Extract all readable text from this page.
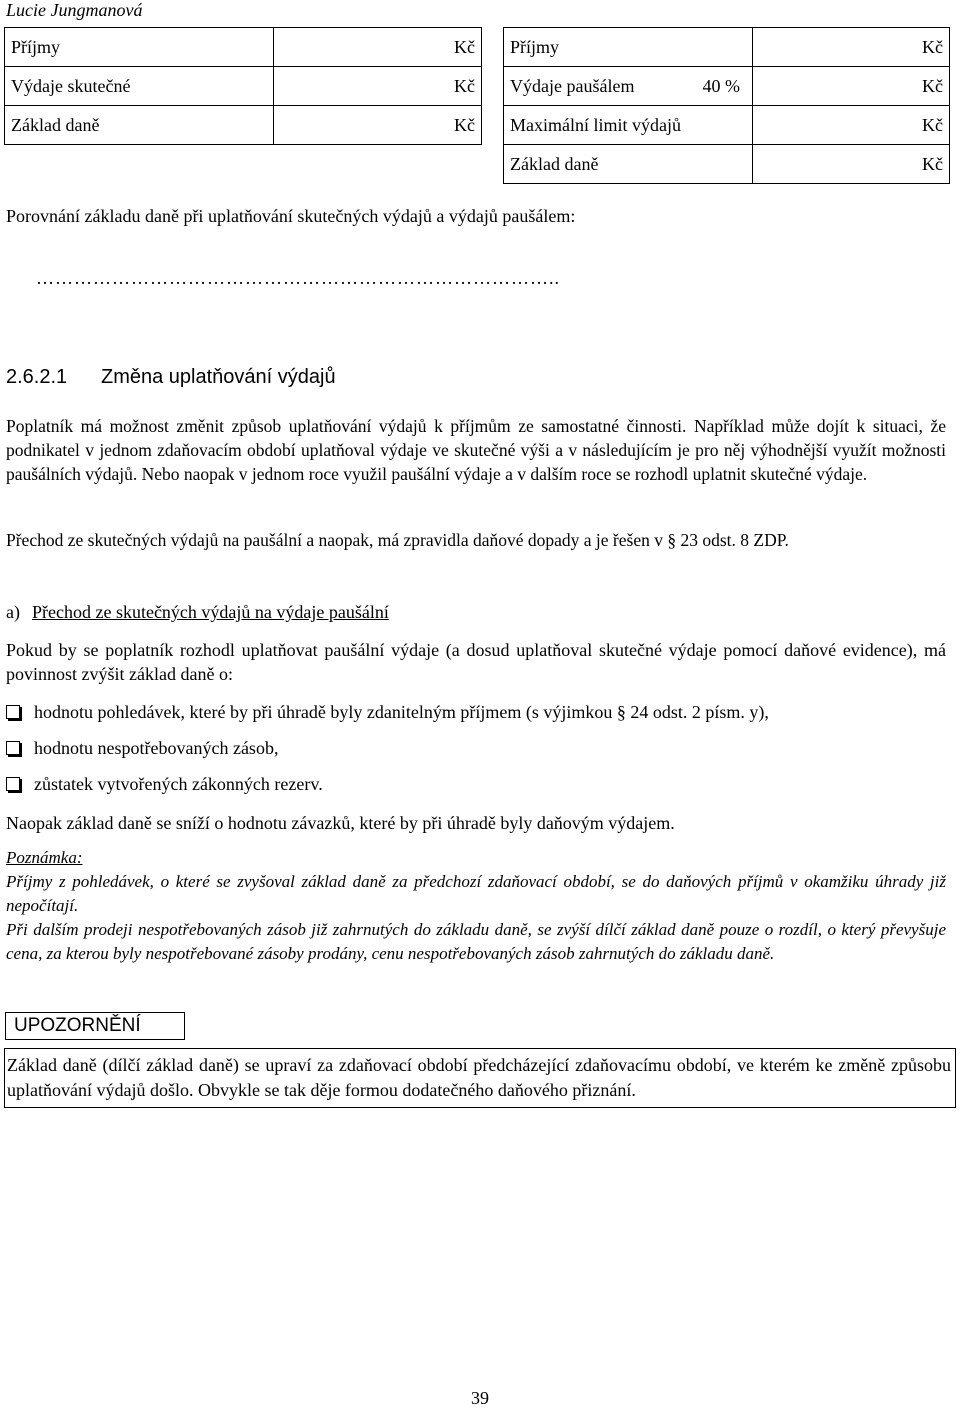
Lucie Jungmanová
Příjmy	Kč
Výdaje skutečné	Kč
Základ daně	Kč
Příjmy	Kč
Výdaje paušálem 40 %	Kč
Maximální limit výdajů	Kč
Základ daně	Kč
Porovnání základu daně při uplatňování skutečných výdajů a výdajů paušálem:
………………………………………………………………………..
2.6.2.1 Změna uplatňování výdajů
Poplatník má možnost změnit způsob uplatňování výdajů k příjmům ze samostatné činnosti. Například může dojít k situaci, že podnikatel v jednom zdaňovacím období uplatňoval výdaje ve skutečné výši a v následujícím je pro něj výhodnější využít možnosti paušálních výdajů. Nebo naopak v jednom roce využil paušální výdaje a v dalším roce se rozhodl uplatnit skutečné výdaje.
Přechod ze skutečných výdajů na paušální a naopak, má zpravidla daňové dopady a je řešen v § 23 odst. 8 ZDP.
a) Přechod ze skutečných výdajů na výdaje paušální
Pokud by se poplatník rozhodl uplatňovat paušální výdaje (a dosud uplatňoval skutečné výdaje pomocí daňové evidence), má povinnost zvýšit základ daně o:
hodnotu pohledávek, které by při úhradě byly zdanitelným příjmem (s výjimkou § 24 odst. 2 písm. y),
hodnotu nespotřebovaných zásob,
zůstatek vytvořených zákonných rezerv.
Naopak základ daně se sníží o hodnotu závazků, které by při úhradě byly daňovým výdajem.
Poznámka:
Příjmy z pohledávek, o které se zvyšoval základ daně za předchozí zdaňovací období, se do daňových příjmů v okamžiku úhrady již nepočítají.
Při dalším prodeji nespotřebovaných zásob již zahrnutých do základu daně, se zvýší dílčí základ daně pouze o rozdíl, o který převyšuje cena, za kterou byly nespotřebované zásoby prodány, cenu nespotřebovaných zásob zahrnutých do základu daně.
UPOZORNĚNÍ
Základ daně (dílčí základ daně) se upraví za zdaňovací období předcházející zdaňovacímu období, ve kterém ke změně způsobu uplatňování výdajů došlo. Obvykle se tak děje formou dodatečného daňového přiznání.
39
